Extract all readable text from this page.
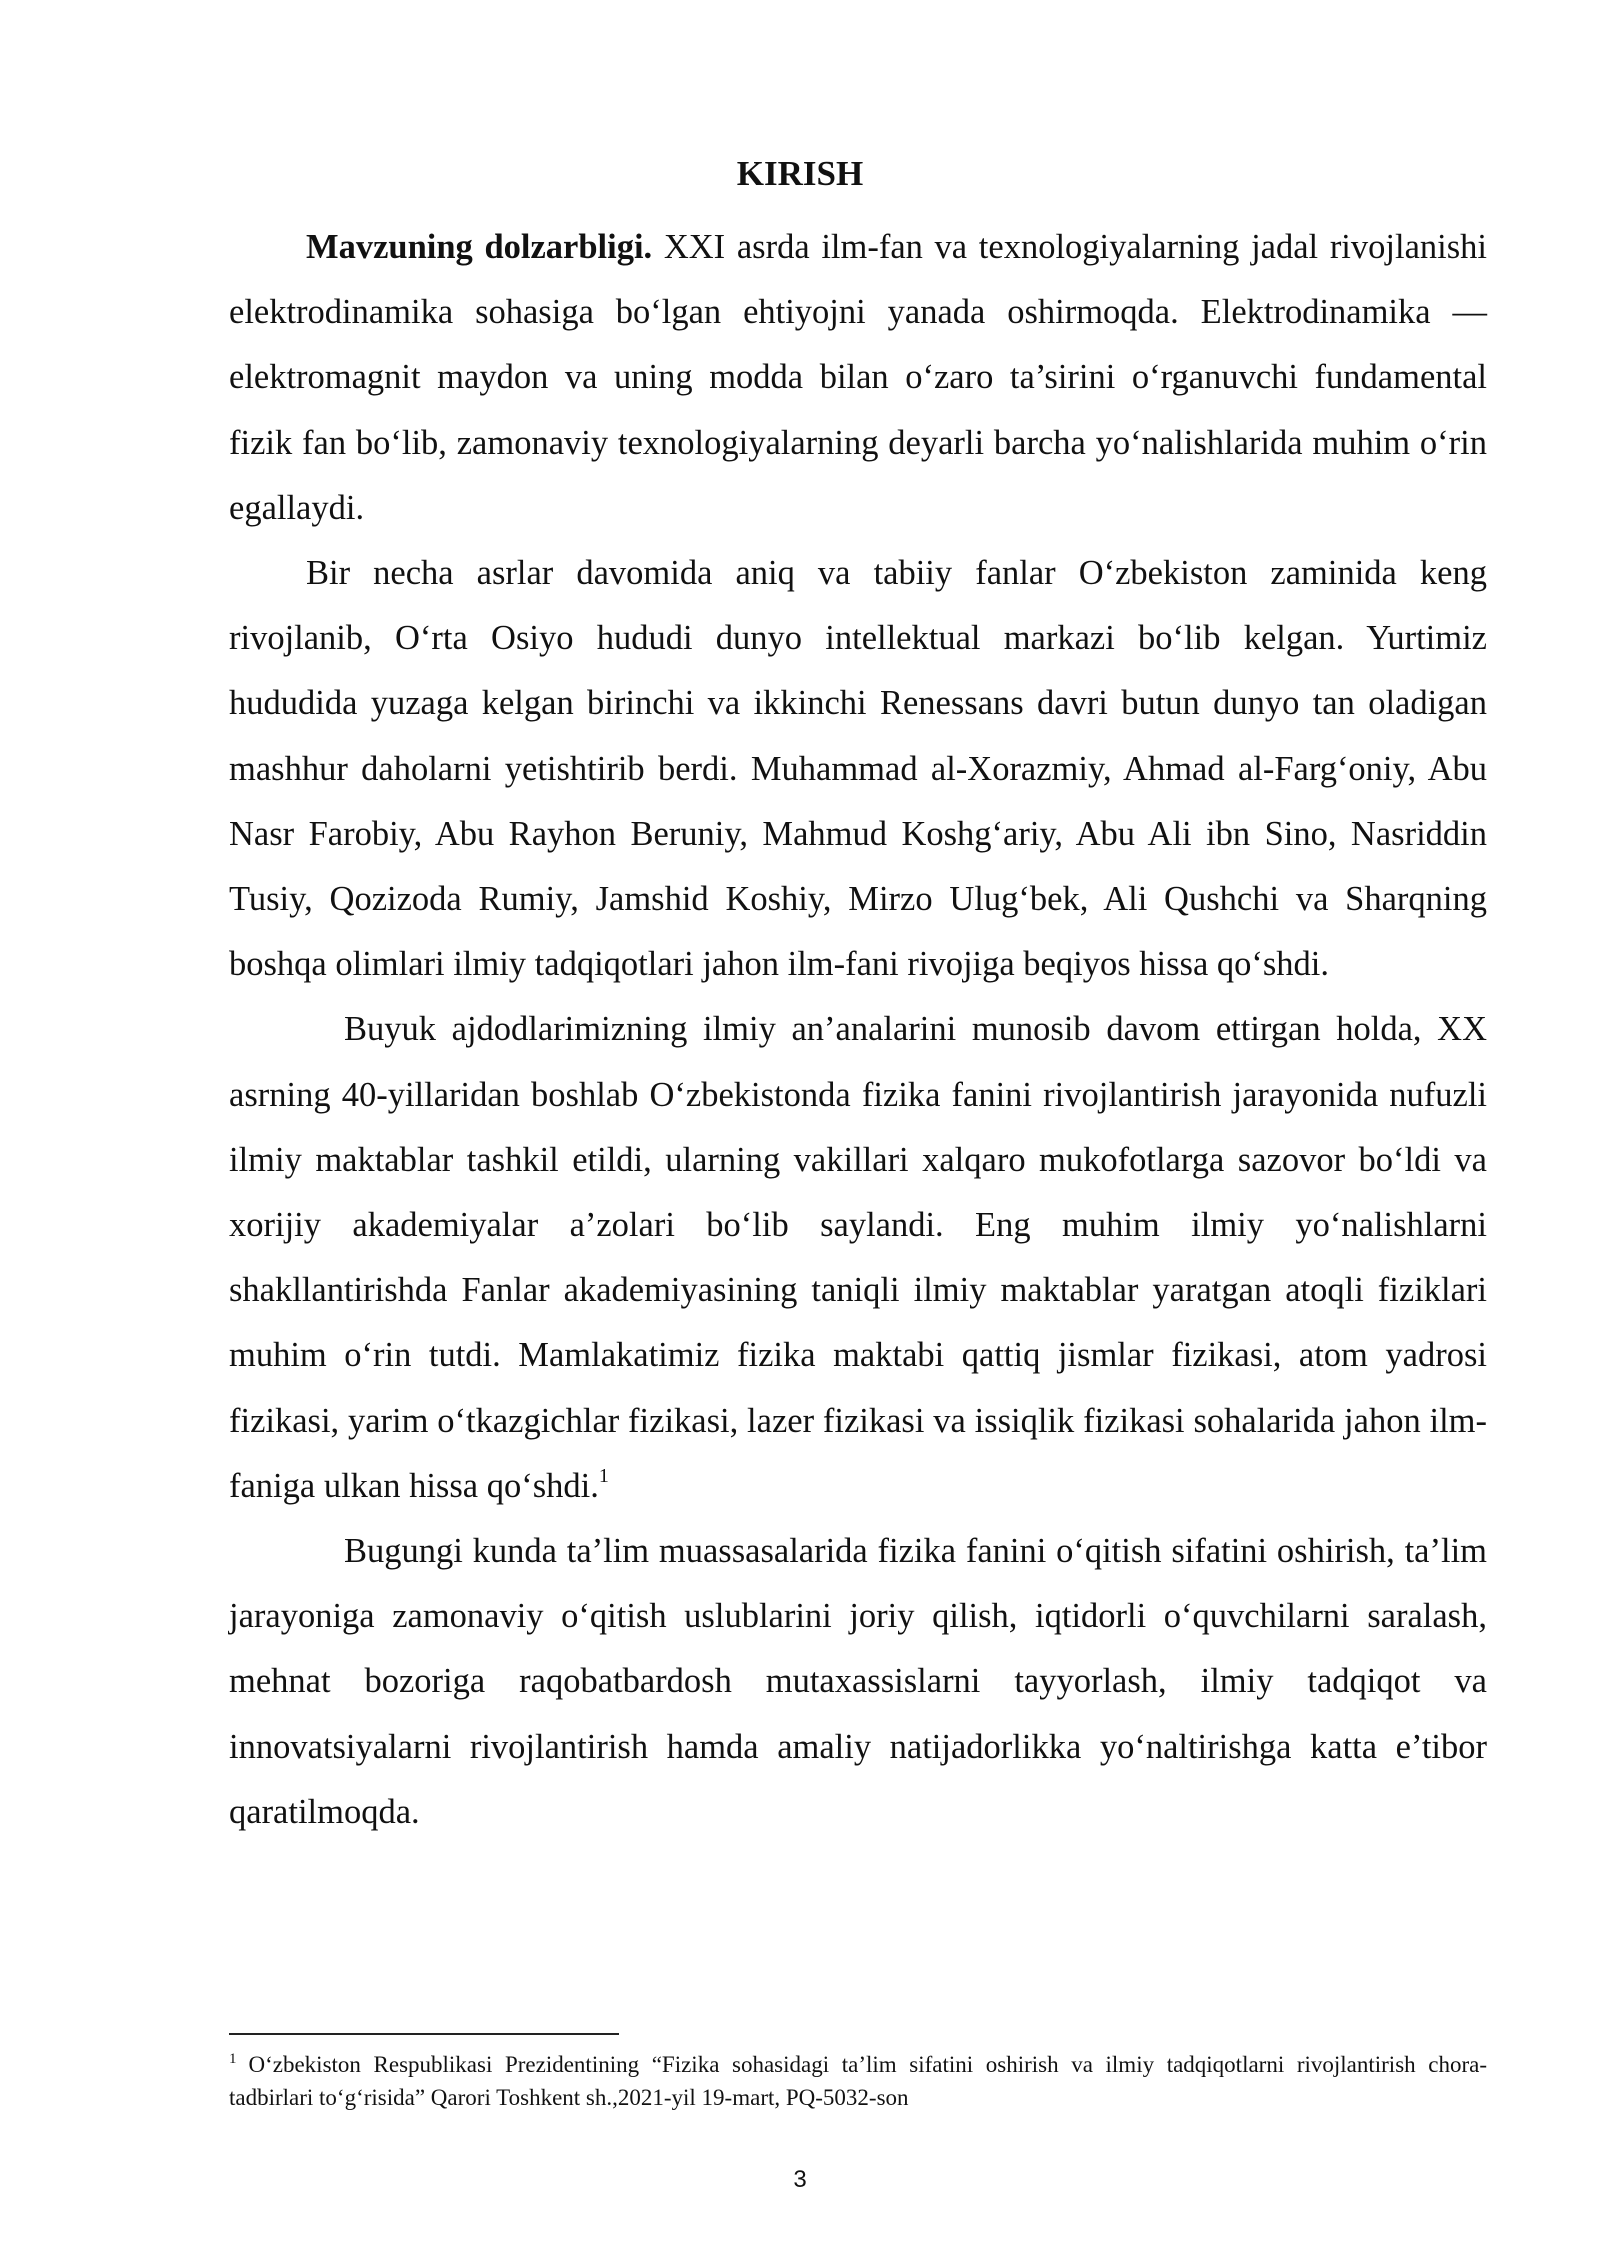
KIRISH

Mavzuning dolzarbligi. XXI asrda ilm-fan va texnologiyalarning jadal rivojlanishi elektrodinamika sohasiga bo‘lgan ehtiyojni yanada oshirmoqda. Elektrodinamika — elektromagnit maydon va uning modda bilan o‘zaro ta’sirini o‘rganuvchi fundamental fizik fan bo‘lib, zamonaviy texnologiyalarning deyarli barcha yo‘nalishlarida muhim o‘rin egallaydi.

Bir necha asrlar davomida aniq va tabiiy fanlar O‘zbekiston zaminida keng rivojlanib, O‘rta Osiyo hududi dunyo intellektual markazi bo‘lib kelgan. Yurtimiz hududida yuzaga kelgan birinchi va ikkinchi Renessans davri butun dunyo tan oladigan mashhur daholarni yetishtirib berdi. Muhammad al-Xorazmiy, Ahmad al-Farg‘oniy, Abu Nasr Farobiy, Abu Rayhon Beruniy, Mahmud Koshg‘ariy, Abu Ali ibn Sino, Nasriddin Tusiy, Qozizoda Rumiy, Jamshid Koshiy, Mirzo Ulug‘bek, Ali Qushchi va Sharqning boshqa olimlari ilmiy tadqiqotlari jahon ilm-fani rivojiga beqiyos hissa qo‘shdi.

Buyuk ajdodlarimizning ilmiy an’analarini munosib davom ettirgan holda, XX asrning 40-yillaridan boshlab O‘zbekistonda fizika fanini rivojlantirish jarayonida nufuzli ilmiy maktablar tashkil etildi, ularning vakillari xalqaro mukofotlarga sazovor bo‘ldi va xorijiy akademiyalar a’zolari bo‘lib saylandi. Eng muhim ilmiy yo‘nalishlarni shakllantirishda Fanlar akademiyasining taniqli ilmiy maktablar yaratgan atoqli fiziklari muhim o‘rin tutdi. Mamlakatimiz fizika maktabi qattiq jismlar fizikasi, atom yadrosi fizikasi, yarim o‘tkazgichlar fizikasi, lazer fizikasi va issiqlik fizikasi sohalarida jahon ilm-faniga ulkan hissa qo‘shdi.$^1$

Bugungi kunda ta’lim muassasalarida fizika fanini o‘qitish sifatini oshirish, ta’lim jarayoniga zamonaviy o‘qitish uslublarini joriy qilish, iqtidorli o‘quvchilarni saralash, mehnat bozoriga raqobatbardosh mutaxassislarni tayyorlash, ilmiy tadqiqot va innovatsiyalarni rivojlantirish hamda amaliy natijadorlikka yo‘naltirishga katta e’tibor qaratilmoqda.

$^1$ O‘zbekiston Respublikasi Prezidentining “Fizika sohasidagi ta’lim sifatini oshirish va ilmiy tadqiqotlarni rivojlantirish chora-tadbirlari to‘g‘risida” Qarori Toshkent sh.,2021-yil 19-mart, PQ-5032-son

3
